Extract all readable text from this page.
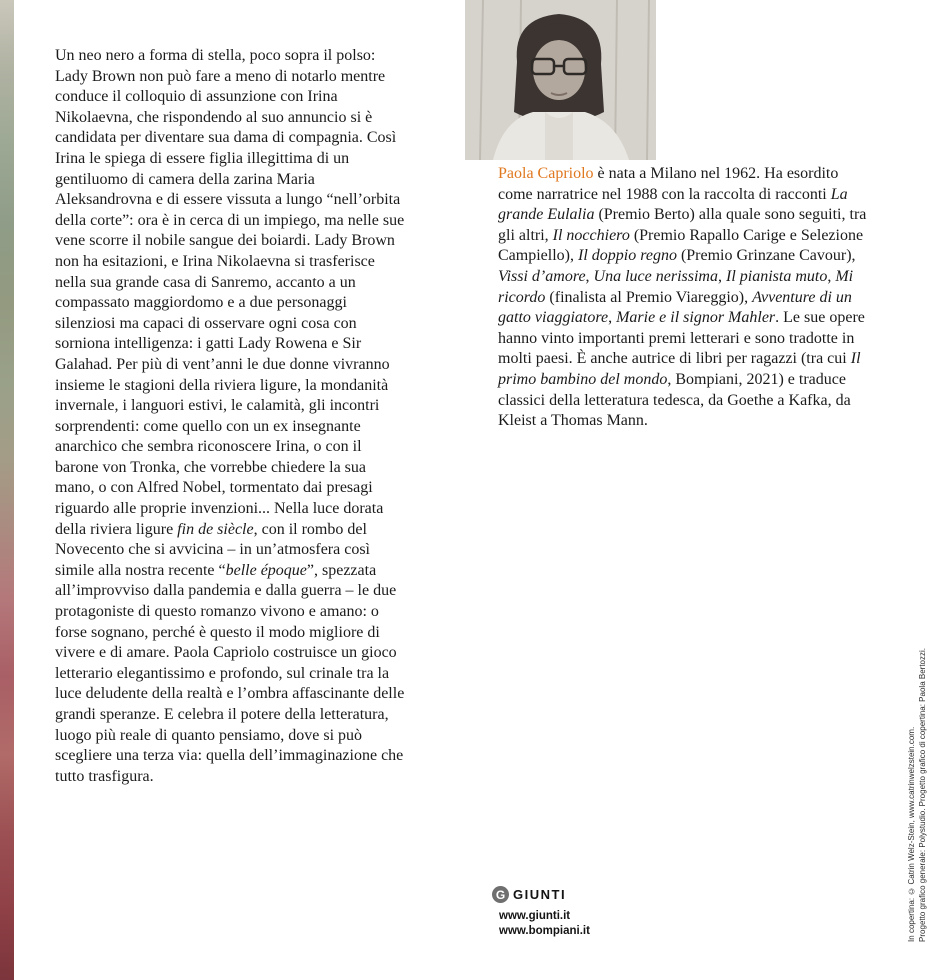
Un neo nero a forma di stella, poco sopra il polso: Lady Brown non può fare a meno di notarlo mentre conduce il colloquio di assunzione con Irina Nikolaevna, che rispondendo al suo annuncio si è candidata per diventare sua dama di compagnia. Così Irina le spiega di essere figlia illegittima di un gentiluomo di camera della zarina Maria Aleksandrovna e di essere vissuta a lungo “nell’orbita della corte”: ora è in cerca di un impiego, ma nelle sue vene scorre il nobile sangue dei boiardi. Lady Brown non ha esitazioni, e Irina Nikolaevna si trasferisce nella sua grande casa di Sanremo, accanto a un compassato maggiordomo e a due personaggi silenziosi ma capaci di osservare ogni cosa con sorniona intelligenza: i gatti Lady Rowena e Sir Galahad. Per più di vent’anni le due donne vivranno insieme le stagioni della riviera ligure, la mondanità invernale, i languori estivi, le calamità, gli incontri sorprendenti: come quello con un ex insegnante anarchico che sembra riconoscere Irina, o con il barone von Tronka, che vorrebbe chiedere la sua mano, o con Alfred Nobel, tormentato dai presagi riguardo alle proprie invenzioni... Nella luce dorata della riviera ligure fin de siècle, con il rombo del Novecento che si avvicina – in un’atmosfera così simile alla nostra recente “belle époque”, spezzata all’improvviso dalla pandemia e dalla guerra – le due protagoniste di questo romanzo vivono e amano: o forse sognano, perché è questo il modo migliore di vivere e di amare. Paola Capriolo costruisce un gioco letterario elegantissimo e profondo, sul crinale tra la luce deludente della realtà e l’ombra affascinante delle grandi speranze. E celebra il potere della letteratura, luogo più reale di quanto pensiamo, dove si può scegliere una terza via: quella dell’immaginazione che tutto trasfigura.

Paola Capriolo è nata a Milano nel 1962. Ha esordito come narratrice nel 1988 con la raccolta di racconti La grande Eulalia (Premio Berto) alla quale sono seguiti, tra gli altri, Il nocchiero (Premio Rapallo Carige e Selezione Campiello), Il doppio regno (Premio Grinzane Cavour), Vissi d’amore, Una luce nerissima, Il pianista muto, Mi ricordo (finalista al Premio Viareggio), Avventure di un gatto viaggiatore, Marie e il signor Mahler. Le sue opere hanno vinto importanti premi letterari e sono tradotte in molti paesi. È anche autrice di libri per ragazzi (tra cui Il primo bambino del mondo, Bompiani, 2021) e traduce classici della letteratura tedesca, da Goethe a Kafka, da Kleist a Thomas Mann.

G GIUNTI
www.giunti.it
www.bompiani.it	In copertina: © Catrin Welz-Stein, www.catrinwelzstein.com. Progetto grafico generale: Polystudio. Progetto grafico di copertina: Paola Bertozzi.
